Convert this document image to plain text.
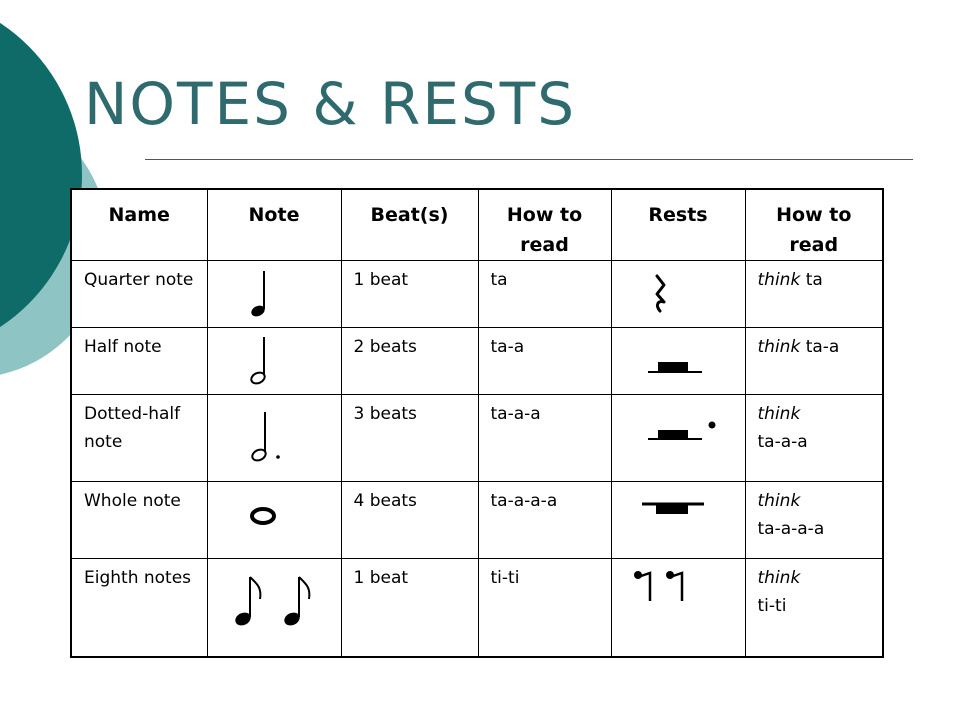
NOTES & RESTS
Name	Note	Beat(s)	How to read	Rests	How to read
Quarter note		1 beat	ta		think ta
Half note		2 beats	ta-a		think ta-a
Dotted-half note		3 beats	ta-a-a		think
ta-a-a
Whole note		4 beats	ta-a-a-a		think
ta-a-a-a
Eighth notes		1 beat	ti-ti		think
ti-ti
